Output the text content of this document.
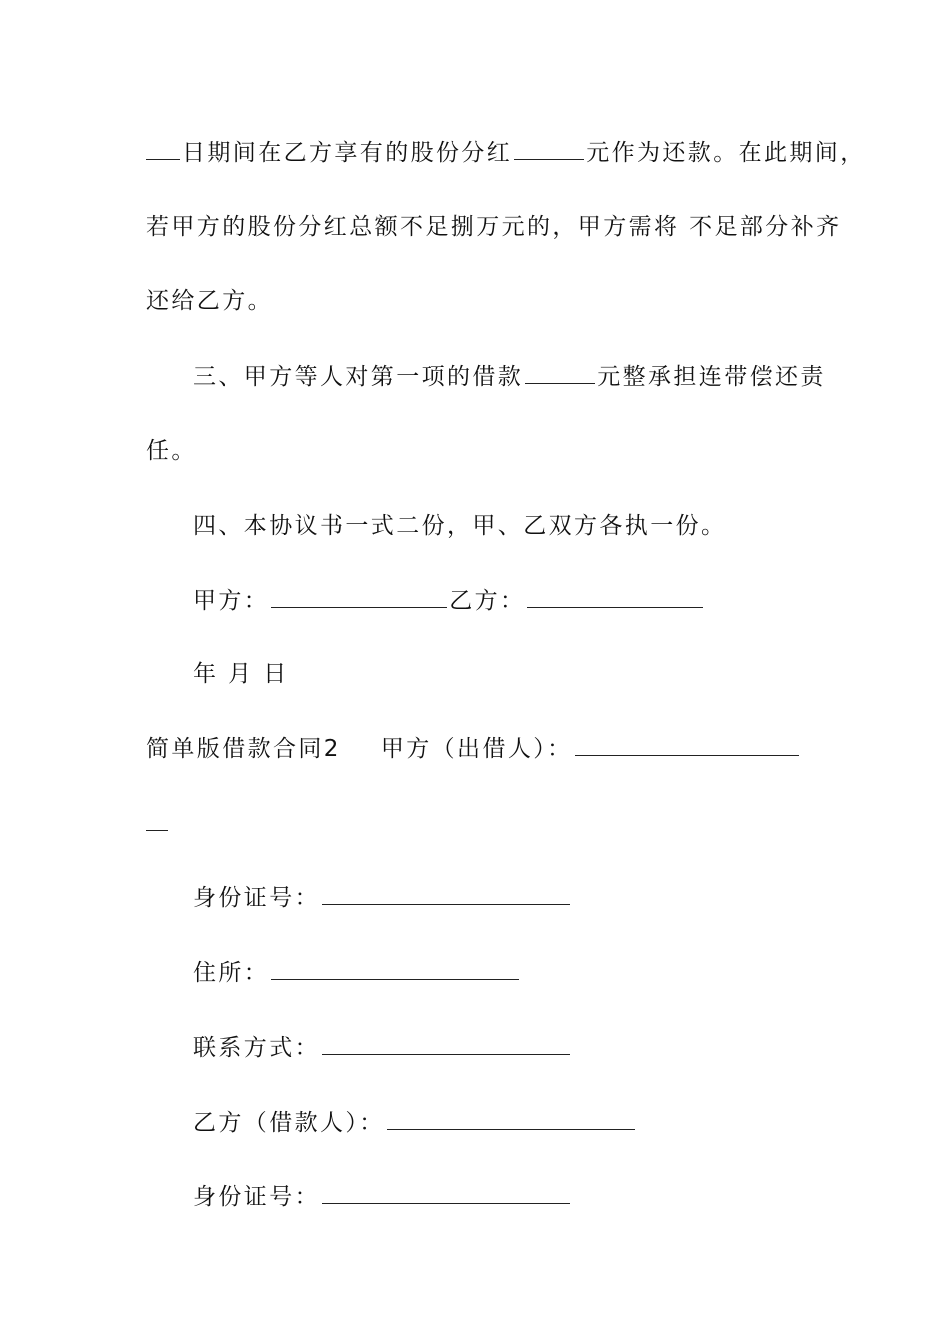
日期间在乙方享有的股份分红	元作为还款。在此期间，
若甲方的股份分红总额不足捌万元的，甲方需将 不足部分补齐
还给乙方。
三、甲方等人对第一项的借款	元整承担连带偿还责
任。
四、本协议书一式二份，甲、乙双方各执一份。
甲方：	乙方：
年 月 日
简单版借款合同2 甲方（出借人）：
身份证号：
住所：
联系方式：
乙方（借款人）：
身份证号：
